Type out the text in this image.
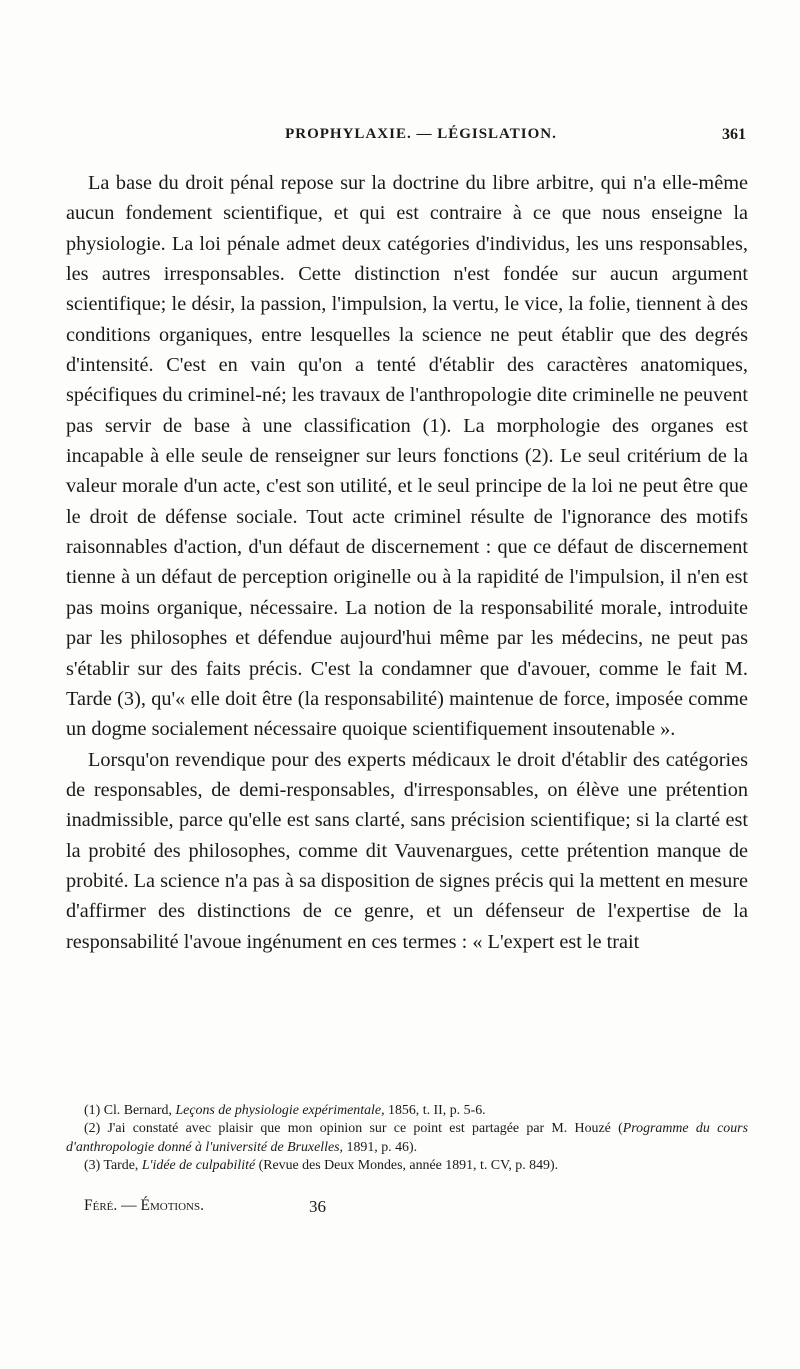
PROPHYLAXIE. — LÉGISLATION.	361

La base du droit pénal repose sur la doctrine du libre arbitre, qui n'a elle-même aucun fondement scientifique, et qui est contraire à ce que nous enseigne la physiologie. La loi pénale admet deux catégories d'individus, les uns responsables, les autres irresponsables. Cette distinction n'est fondée sur aucun argument scientifique; le désir, la passion, l'impulsion, la vertu, le vice, la folie, tiennent à des conditions organiques, entre lesquelles la science ne peut établir que des degrés d'intensité. C'est en vain qu'on a tenté d'établir des caractères anatomiques, spécifiques du criminel-né; les travaux de l'anthropologie dite criminelle ne peuvent pas servir de base à une classification (1). La morphologie des organes est incapable à elle seule de renseigner sur leurs fonctions (2). Le seul critérium de la valeur morale d'un acte, c'est son utilité, et le seul principe de la loi ne peut être que le droit de défense sociale. Tout acte criminel résulte de l'ignorance des motifs raisonnables d'action, d'un défaut de discernement : que ce défaut de discernement tienne à un défaut de perception originelle ou à la rapidité de l'impulsion, il n'en est pas moins organique, nécessaire. La notion de la responsabilité morale, introduite par les philosophes et défendue aujourd'hui même par les médecins, ne peut pas s'établir sur des faits précis. C'est la condamner que d'avouer, comme le fait M. Tarde (3), qu'« elle doit être (la responsabilité) maintenue de force, imposée comme un dogme socialement nécessaire quoique scientifiquement insoutenable ».

Lorsqu'on revendique pour des experts médicaux le droit d'établir des catégories de responsables, de demi-responsables, d'irresponsables, on élève une prétention inadmissible, parce qu'elle est sans clarté, sans précision scientifique; si la clarté est la probité des philosophes, comme dit Vauvenargues, cette prétention manque de probité. La science n'a pas à sa disposition de signes précis qui la mettent en mesure d'affirmer des distinctions de ce genre, et un défenseur de l'expertise de la responsabilité l'avoue ingénument en ces termes : « L'expert est le trait

(1) Cl. Bernard, Leçons de physiologie expérimentale, 1856, t. II, p. 5-6.

(2) J'ai constaté avec plaisir que mon opinion sur ce point est partagée par M. Houzé (Programme du cours d'anthropologie donné à l'université de Bruxelles, 1891, p. 46).

(3) Tarde, L'idée de culpabilité (Revue des Deux Mondes, année 1891, t. CV, p. 849).

Féré. — Émotions.	36
